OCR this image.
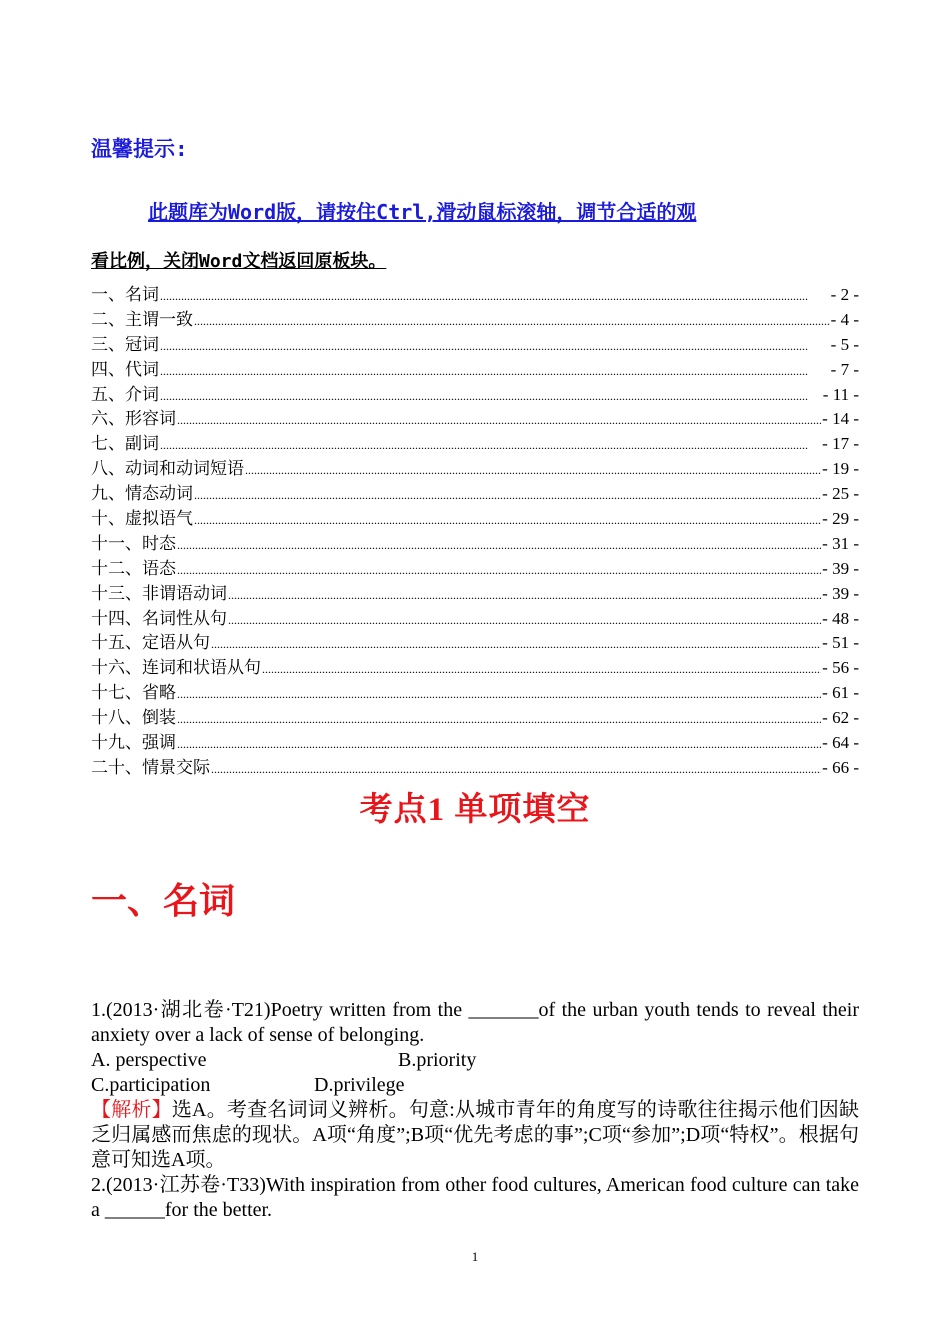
温馨提示:
此题库为Word版，请按住Ctrl,滑动鼠标滚轴，调节合适的观
看比例，关闭Word文档返回原板块。
一、名词 .....	- 2 -
二、主谓一致 .....	- 4 -
三、冠词 .....	- 5 -
四、代词 .....	- 7 -
五、介词 .....	- 11 -
六、形容词 .....	- 14 -
七、副词 .....	- 17 -
八、动词和动词短语 .....	- 19 -
九、情态动词 .....	- 25 -
十、虚拟语气 .....	- 29 -
十一、时态 .....	- 31 -
十二、语态 .....	- 39 -
十三、非谓语动词 .....	- 39 -
十四、名词性从句 .....	- 48 -
十五、定语从句 .....	- 51 -
十六、连词和状语从句 .....	- 56 -
十七、省略 .....	- 61 -
十八、倒装 .....	- 62 -
十九、强调 .....	- 64 -
二十、情景交际 .....	- 66 -
考点1 单项填空
一、名词

1.(2013·湖北卷·T21)Poetry written from the _______of the urban youth tends to reveal their anxiety over a lack of sense of belonging.

A. perspective	B.priority
C.participation	D.privilege

【解析】选A。考查名词词义辨析。句意:从城市青年的角度写的诗歌往往揭示他们因缺乏归属感而焦虑的现状。A项“角度”;B项“优先考虑的事”;C项“参加”;D项“特权”。根据句意可知选A项。

2.(2013·江苏卷·T33)With inspiration from other food cultures, American food culture can take a ______for the better.

1
